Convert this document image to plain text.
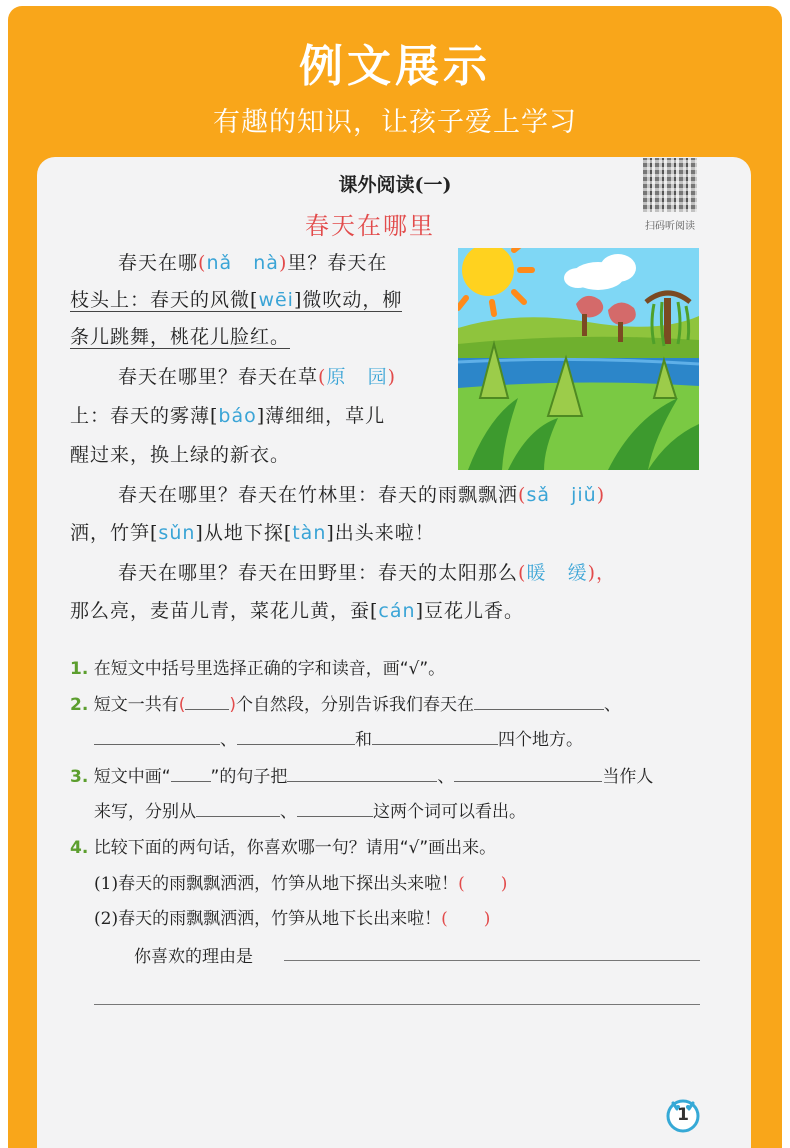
例文展示
有趣的知识，让孩子爱上学习
课外阅读(一)
春天在哪里	扫码听阅读
春天在哪(nǎ nà)里？春天在
枝头上：春天的风微[wēi]微吹动，柳
条儿跳舞，桃花儿脸红。
春天在哪里？春天在草(原 园)
上：春天的雾薄[báo]薄细细，草儿
醒过来，换上绿的新衣。
春天在哪里？春天在竹林里：春天的雨飘飘洒(sǎ jiǔ)
洒，竹笋[sǔn]从地下探[tàn]出头来啦！
春天在哪里？春天在田野里：春天的太阳那么(暖 缓)，
那么亮，麦苗儿青，菜花儿黄，蚕[cán]豆花儿香。
1. 在短文中括号里选择正确的字和读音，画“√”。
2. 短文一共有(	)个自然段，分别告诉我们春天在	、
、	和	四个地方。
3. 短文中画“ ”的句子把	、	当作人
来写，分别从	、	这两个词可以看出。
4. 比较下面的两句话，你喜欢哪一句？请用“√”画出来。
(1)春天的雨飘飘洒洒，竹笋从地下探出头来啦！( )
(2)春天的雨飘飘洒洒，竹笋从地下长出来啦！( )
你喜欢的理由是
1
